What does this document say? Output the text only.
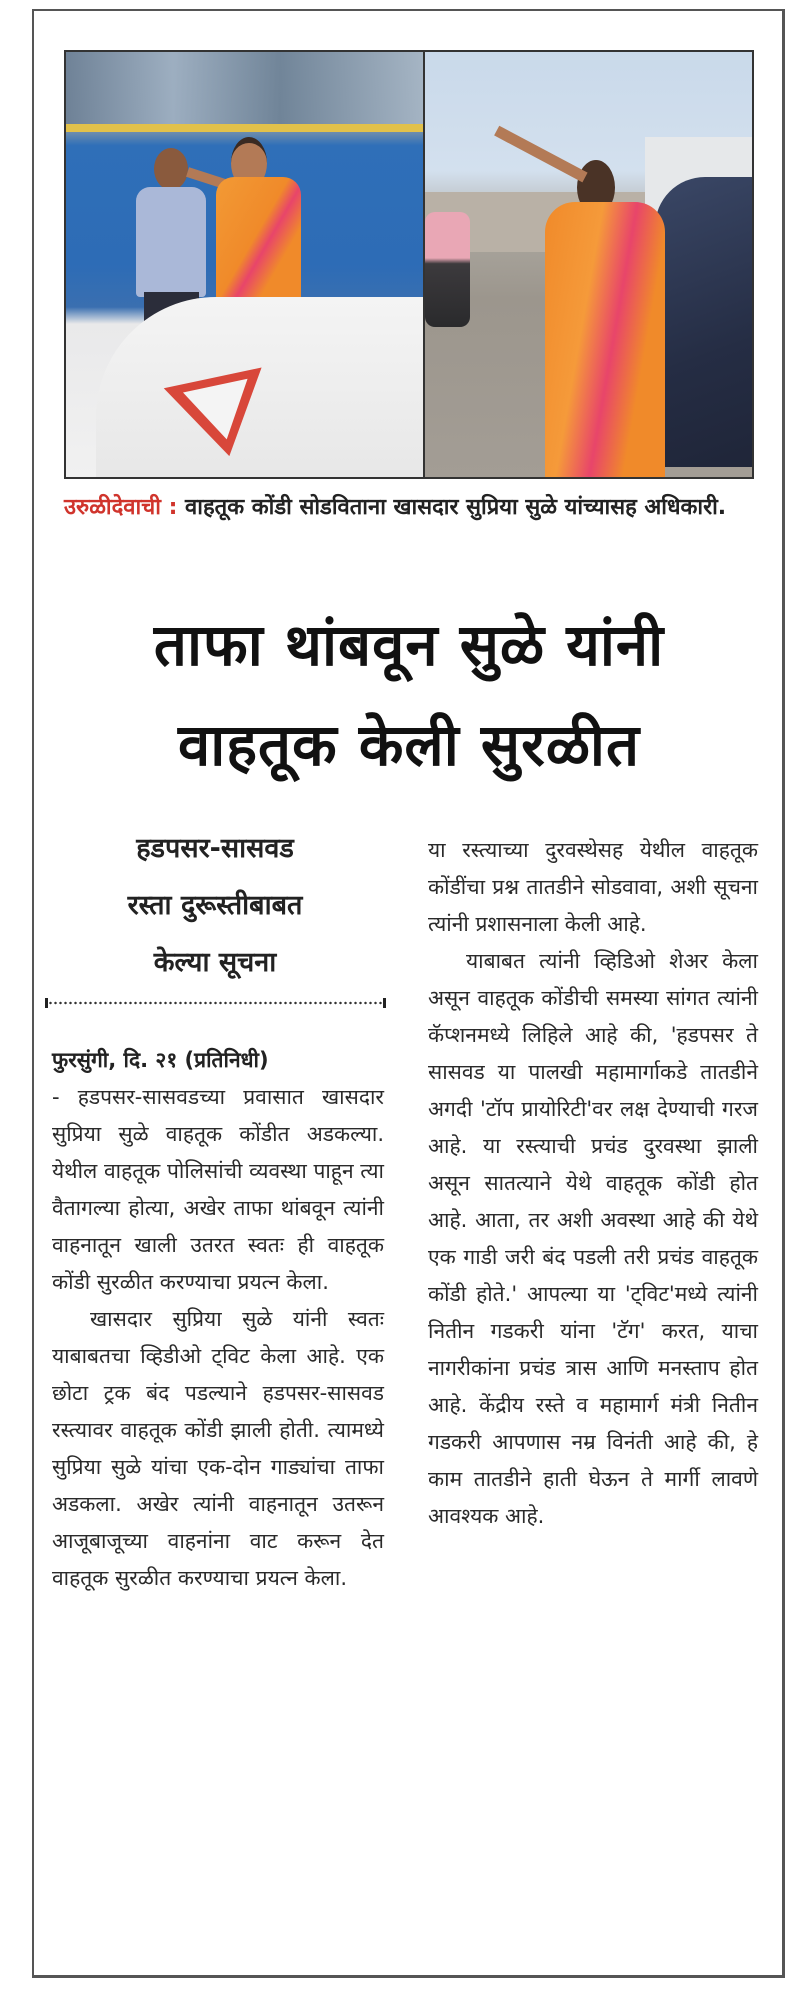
उरुळीदेवाची : वाहतूक कोंडी सोडविताना खासदार सुप्रिया सुळे यांच्यासह अधिकारी.
ताफा थांबवून सुळे यांनी
वाहतूक केली सुरळीत
हडपसर-सासवड
रस्ता दुरूस्तीबाबत
केल्या सूचना

फुरसुंगी, दि. २१ (प्रतिनिधी)

- हडपसर-सासवडच्या प्रवासात खासदार सुप्रिया सुळे वाहतूक कोंडीत अडकल्या. येथील वाहतूक पोलिसांची व्यवस्था पाहून त्या वैतागल्या होत्या, अखेर ताफा थांबवून त्यांनी वाहनातून खाली उतरत स्वतः ही वाहतूक कोंडी सुरळीत करण्याचा प्रयत्न केला.

खासदार सुप्रिया सुळे यांनी स्वतः याबाबतचा व्हिडीओ ट्विट केला आहे. एक छोटा ट्रक बंद पडल्याने हडपसर-सासवड रस्त्यावर वाहतूक कोंडी झाली होती. त्यामध्ये सुप्रिया सुळे यांचा एक-दोन गाड्यांचा ताफा अडकला. अखेर त्यांनी वाहनातून उतरून आजूबाजूच्या वाहनांना वाट करून देत वाहतूक सुरळीत करण्याचा प्रयत्न केला.

या रस्त्याच्या दुरवस्थेसह येथील वाहतूक कोंडींचा प्रश्न तातडीने सोडवावा, अशी सूचना त्यांनी प्रशासनाला केली आहे.

याबाबत त्यांनी व्हिडिओ शेअर केला असून वाहतूक कोंडीची समस्या सांगत त्यांनी कॅप्शनमध्ये लिहिले आहे की, 'हडपसर ते सासवड या पालखी महामार्गाकडे तातडीने अगदी 'टॉप प्रायोरिटी'वर लक्ष देण्याची गरज आहे. या रस्त्याची प्रचंड दुरवस्था झाली असून सातत्याने येथे वाहतूक कोंडी होत आहे. आता, तर अशी अवस्था आहे की येथे एक गाडी जरी बंद पडली तरी प्रचंड वाहतूक कोंडी होते.' आपल्या या 'ट्विट'मध्ये त्यांनी नितीन गडकरी यांना 'टॅग' करत, याचा नागरीकांना प्रचंड त्रास आणि मनस्ताप होत आहे. केंद्रीय रस्ते व महामार्ग मंत्री नितीन गडकरी आपणास नम्र विनंती आहे की, हे काम तातडीने हाती घेऊन ते मार्गी लावणे आवश्यक आहे.
